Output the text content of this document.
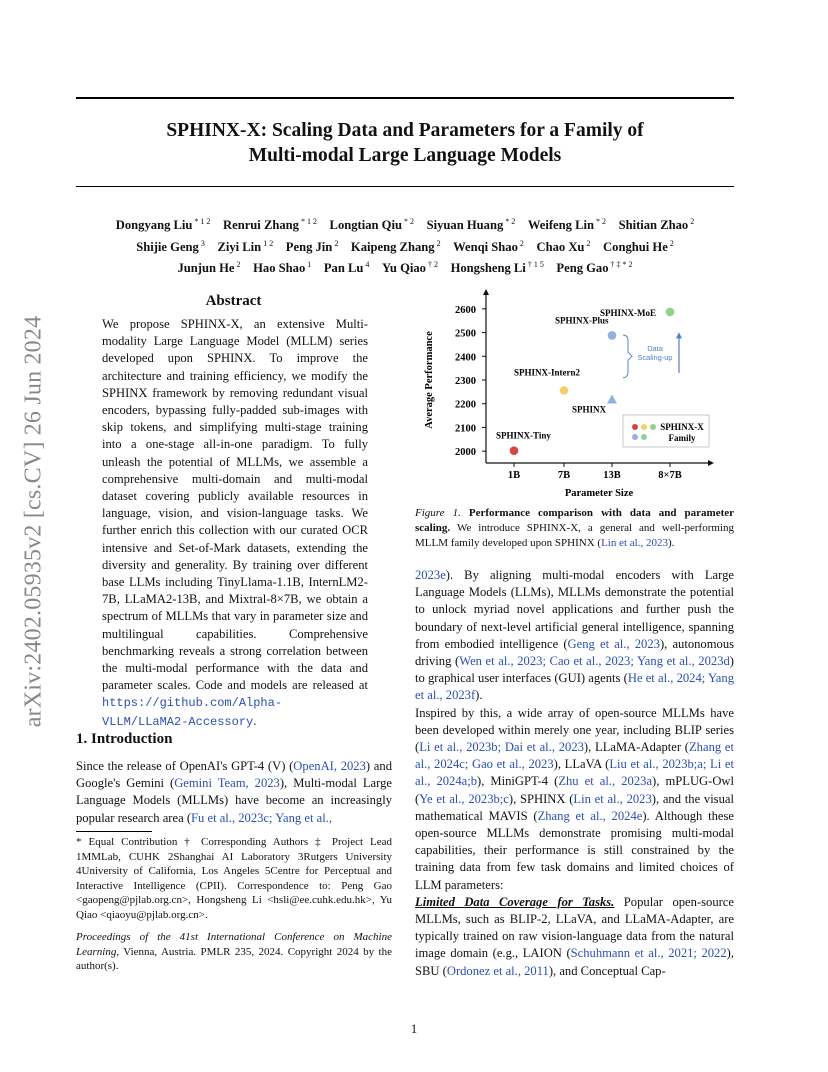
SPHINX-X: Scaling Data and Parameters for a Family of
Multi-modal Large Language Models
Dongyang Liu $^{* 1 2}$  Renrui Zhang $^{* 1 2}$  Longtian Qiu $^{* 2}$  Siyuan Huang $^{* 2}$  Weifeng Lin $^{* 2}$  Shitian Zhao $^2$
Shijie Geng $^3$  Ziyi Lin $^{1 2}$  Peng Jin $^2$  Kaipeng Zhang $^2$  Wenqi Shao $^2$  Chao Xu $^2$  Conghui He $^2$
Junjun He $^2$  Hao Shao $^1$  Pan Lu $^4$  Yu Qiao $^{\dagger 2}$  Hongsheng Li $^{\dagger 1 5}$  Peng Gao $^{\dagger \ddagger * 2}$
arXiv:2402.05935v2 [cs.CV] 26 Jun 2024
Abstract

We propose SPHINX-X, an extensive Multi-modality Large Language Model (MLLM) series developed upon SPHINX. To improve the architecture and training efficiency, we modify the SPHINX framework by removing redundant visual encoders, bypassing fully-padded sub-images with skip tokens, and simplifying multi-stage training into a one-stage all-in-one paradigm. To fully unleash the potential of MLLMs, we assemble a comprehensive multi-domain and multi-modal dataset covering publicly available resources in language, vision, and vision-language tasks. We further enrich this collection with our curated OCR intensive and Set-of-Mark datasets, extending the diversity and generality. By training over different base LLMs including TinyLlama-1.1B, InternLM2-7B, LLaMA2-13B, and Mixtral-8×7B, we obtain a spectrum of MLLMs that vary in parameter size and multilingual capabilities. Comprehensive benchmarking reveals a strong correlation between the multi-modal performance with the data and parameter scales. Code and models are released at https://github.com/Alpha-VLLM/LLaMA2-Accessory.

1. Introduction

Since the release of OpenAI's GPT-4 (V) (OpenAI, 2023) and Google's Gemini (Gemini Team, 2023), Multi-modal Large Language Models (MLLMs) have become an increasingly popular research area (Fu et al., 2023c; Yang et al.,

* Equal Contribution † Corresponding Authors ‡ Project Lead 1MMLab, CUHK 2Shanghai AI Laboratory 3Rutgers University 4University of California, Los Angeles 5Centre for Perceptual and Interactive Intelligence (CPII). Correspondence to: Peng Gao <gaopeng@pjlab.org.cn>, Hongsheng Li <hsli@ee.cuhk.edu.hk>, Yu Qiao <qiaoyu@pjlab.org.cn>.
Proceedings of the 41st International Conference on Machine Learning, Vienna, Austria. PMLR 235, 2024. Copyright 2024 by the author(s).
2000
2100
2200
2300
2400
2500
2600
1B	7B	13B	8×7B
Parameter Size
Average Performance
SPHINX-Tiny
SPHINX-Intern2
SPHINX
SPHINX-Plus
SPHINX-MoE
Data
Scaling-up
SPHINX-X
Family

Figure 1. Performance comparison with data and parameter scaling. We introduce SPHINX-X, a general and well-performing MLLM family developed upon SPHINX (Lin et al., 2023).

2023e). By aligning multi-modal encoders with Large Language Models (LLMs), MLLMs demonstrate the potential to unlock myriad novel applications and further push the boundary of next-level artificial general intelligence, spanning from embodied intelligence (Geng et al., 2023), autonomous driving (Wen et al., 2023; Cao et al., 2023; Yang et al., 2023d) to graphical user interfaces (GUI) agents (He et al., 2024; Yang et al., 2023f).

Inspired by this, a wide array of open-source MLLMs have been developed within merely one year, including BLIP series (Li et al., 2023b; Dai et al., 2023), LLaMA-Adapter (Zhang et al., 2024c; Gao et al., 2023), LLaVA (Liu et al., 2023b;a; Li et al., 2024a;b), MiniGPT-4 (Zhu et al., 2023a), mPLUG-Owl (Ye et al., 2023b;c), SPHINX (Lin et al., 2023), and the visual mathematical MAVIS (Zhang et al., 2024e). Although these open-source MLLMs demonstrate promising multi-modal capabilities, their performance is still constrained by the training data from few task domains and limited choices of LLM parameters:

Limited Data Coverage for Tasks. Popular open-source MLLMs, such as BLIP-2, LLaVA, and LLaMA-Adapter, are typically trained on raw vision-language data from the natural image domain (e.g., LAION (Schuhmann et al., 2021; 2022), SBU (Ordonez et al., 2011), and Conceptual Cap-

1
